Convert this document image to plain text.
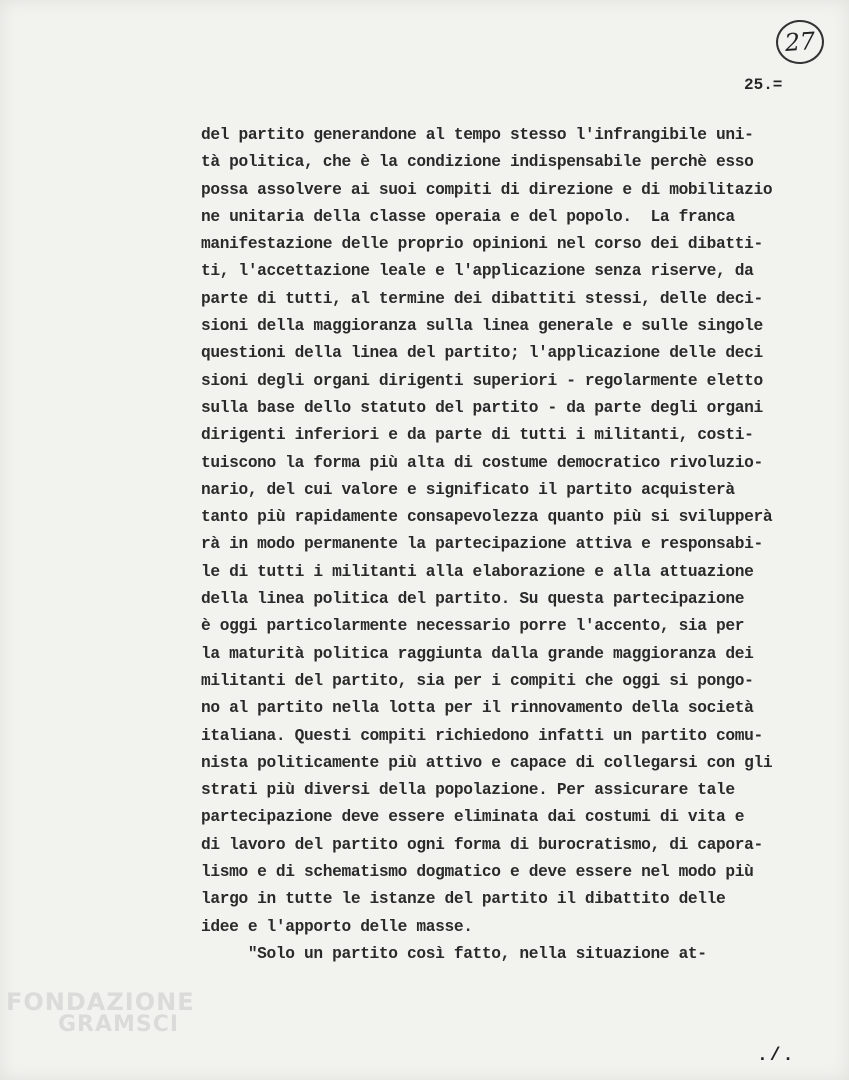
27
25.=
del partito generandone al tempo stesso l'infrangibile uni-
tà politica, che è la condizione indispensabile perchè esso
possa assolvere ai suoi compiti di direzione e di mobilitazio
ne unitaria della classe operaia e del popolo.  La franca
manifestazione delle proprio opinioni nel corso dei dibatti-
ti, l'accettazione leale e l'applicazione senza riserve, da
parte di tutti, al termine dei dibattiti stessi, delle deci-
sioni della maggioranza sulla linea generale e sulle singole
questioni della linea del partito; l'applicazione delle deci
sioni degli organi dirigenti superiori - regolarmente eletto
sulla base dello statuto del partito - da parte degli organi
dirigenti inferiori e da parte di tutti i militanti, costi-
tuiscono la forma più alta di costume democratico rivoluzio-
nario, del cui valore e significato il partito acquisterà
tanto più rapidamente consapevolezza quanto più si svilupperà
rà in modo permanente la partecipazione attiva e responsabi-
le di tutti i militanti alla elaborazione e alla attuazione
della linea politica del partito. Su questa partecipazione
è oggi particolarmente necessario porre l'accento, sia per
la maturità politica raggiunta dalla grande maggioranza dei
militanti del partito, sia per i compiti che oggi si pongo-
no al partito nella lotta per il rinnovamento della società
italiana. Questi compiti richiedono infatti un partito comu-
nista politicamente più attivo e capace di collegarsi con gli
strati più diversi della popolazione. Per assicurare tale
partecipazione deve essere eliminata dai costumi di vita e
di lavoro del partito ogni forma di burocratismo, di capora-
lismo e di schematismo dogmatico e deve essere nel modo più
largo in tutte le istanze del partito il dibattito delle
idee e l'apporto delle masse.
"Solo un partito così fatto, nella situazione at-
FONDAZIONE
GRAMSCI
./.
